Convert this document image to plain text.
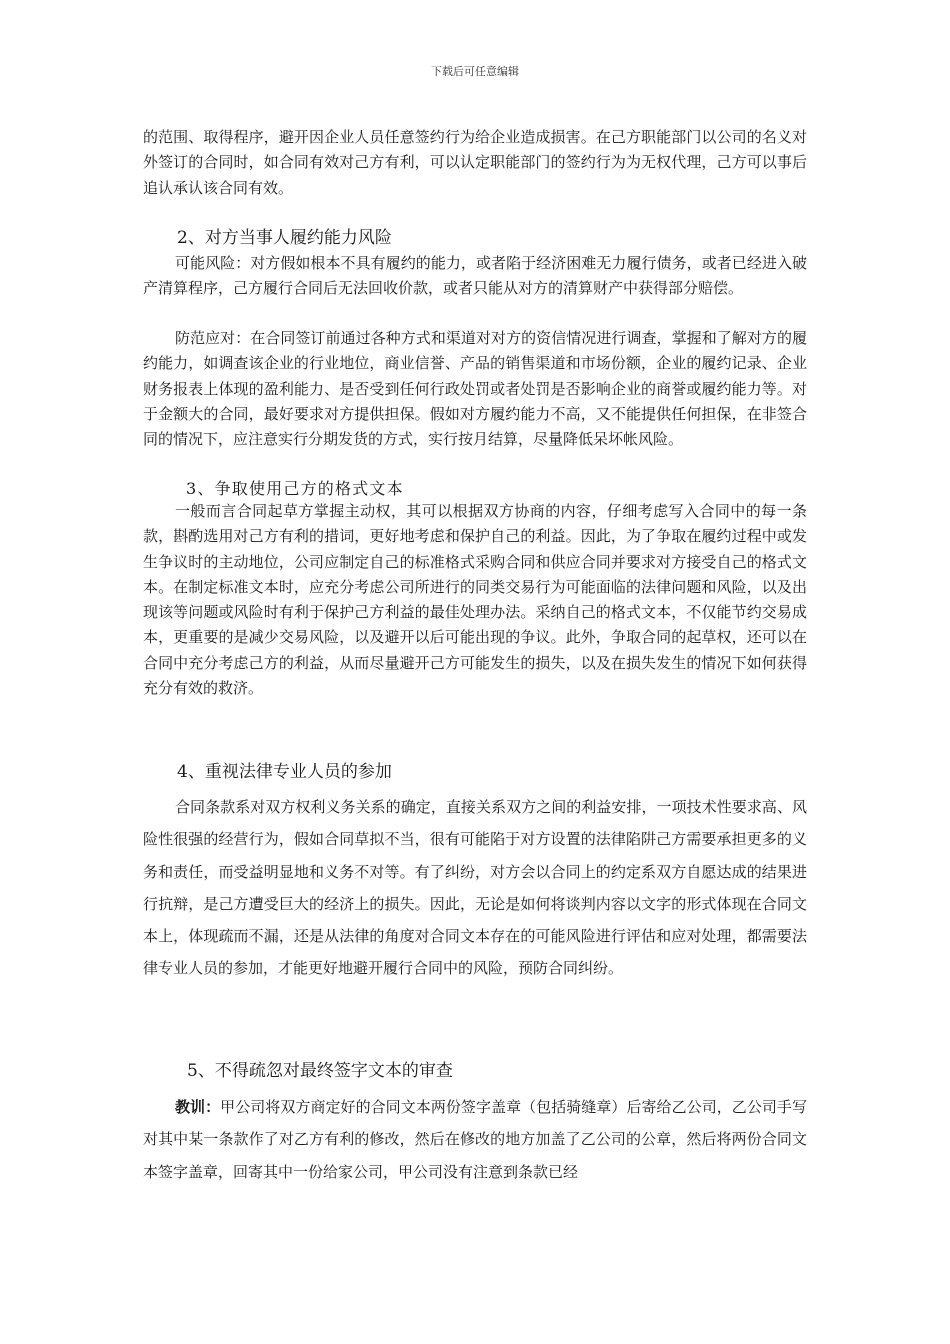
下载后可任意编辑

的范围、取得程序，避开因企业人员任意签约行为给企业造成损害。在己方职能部门以公司的名义对外签订的合同时，如合同有效对己方有利，可以认定职能部门的签约行为为无权代理，己方可以事后追认承认该合同有效。

2、对方当事人履约能力风险

可能风险：对方假如根本不具有履约的能力，或者陷于经济困难无力履行债务，或者已经进入破产清算程序，己方履行合同后无法回收价款，或者只能从对方的清算财产中获得部分赔偿。

防范应对：在合同签订前通过各种方式和渠道对对方的资信情况进行调查，掌握和了解对方的履约能力，如调查该企业的行业地位，商业信誉、产品的销售渠道和市场份额，企业的履约记录、企业财务报表上体现的盈利能力、是否受到任何行政处罚或者处罚是否影响企业的商誉或履约能力等。对于金额大的合同，最好要求对方提供担保。假如对方履约能力不高，又不能提供任何担保，在非签合同的情况下，应注意实行分期发货的方式，实行按月结算，尽量降低呆坏帐风险。

3、争取使用己方的格式文本

一般而言合同起草方掌握主动权，其可以根据双方协商的内容，仔细考虑写入合同中的每一条款，斟酌选用对己方有利的措词，更好地考虑和保护自己的利益。因此，为了争取在履约过程中或发生争议时的主动地位，公司应制定自己的标准格式采购合同和供应合同并要求对方接受自己的格式文本。在制定标准文本时，应充分考虑公司所进行的同类交易行为可能面临的法律问题和风险，以及出现该等问题或风险时有利于保护己方利益的最佳处理办法。采纳自己的格式文本，不仅能节约交易成本，更重要的是减少交易风险，以及避开以后可能出现的争议。此外，争取合同的起草权，还可以在合同中充分考虑己方的利益，从而尽量避开己方可能发生的损失，以及在损失发生的情况下如何获得充分有效的救济。

4、重视法律专业人员的参加

合同条款系对双方权利义务关系的确定，直接关系双方之间的利益安排，一项技术性要求高、风险性很强的经营行为，假如合同草拟不当，很有可能陷于对方设置的法律陷阱己方需要承担更多的义务和责任，而受益明显地和义务不对等。有了纠纷，对方会以合同上的约定系双方自愿达成的结果进行抗辩，是己方遭受巨大的经济上的损失。因此，无论是如何将谈判内容以文字的形式体现在合同文本上，体现疏而不漏，还是从法律的角度对合同文本存在的可能风险进行评估和应对处理，都需要法律专业人员的参加，才能更好地避开履行合同中的风险，预防合同纠纷。

5、不得疏忽对最终签字文本的审查

教训：甲公司将双方商定好的合同文本两份签字盖章（包括骑缝章）后寄给乙公司，乙公司手写对其中某一条款作了对乙方有利的修改，然后在修改的地方加盖了乙公司的公章，然后将两份合同文本签字盖章，回寄其中一份给家公司，甲公司没有注意到条款已经
